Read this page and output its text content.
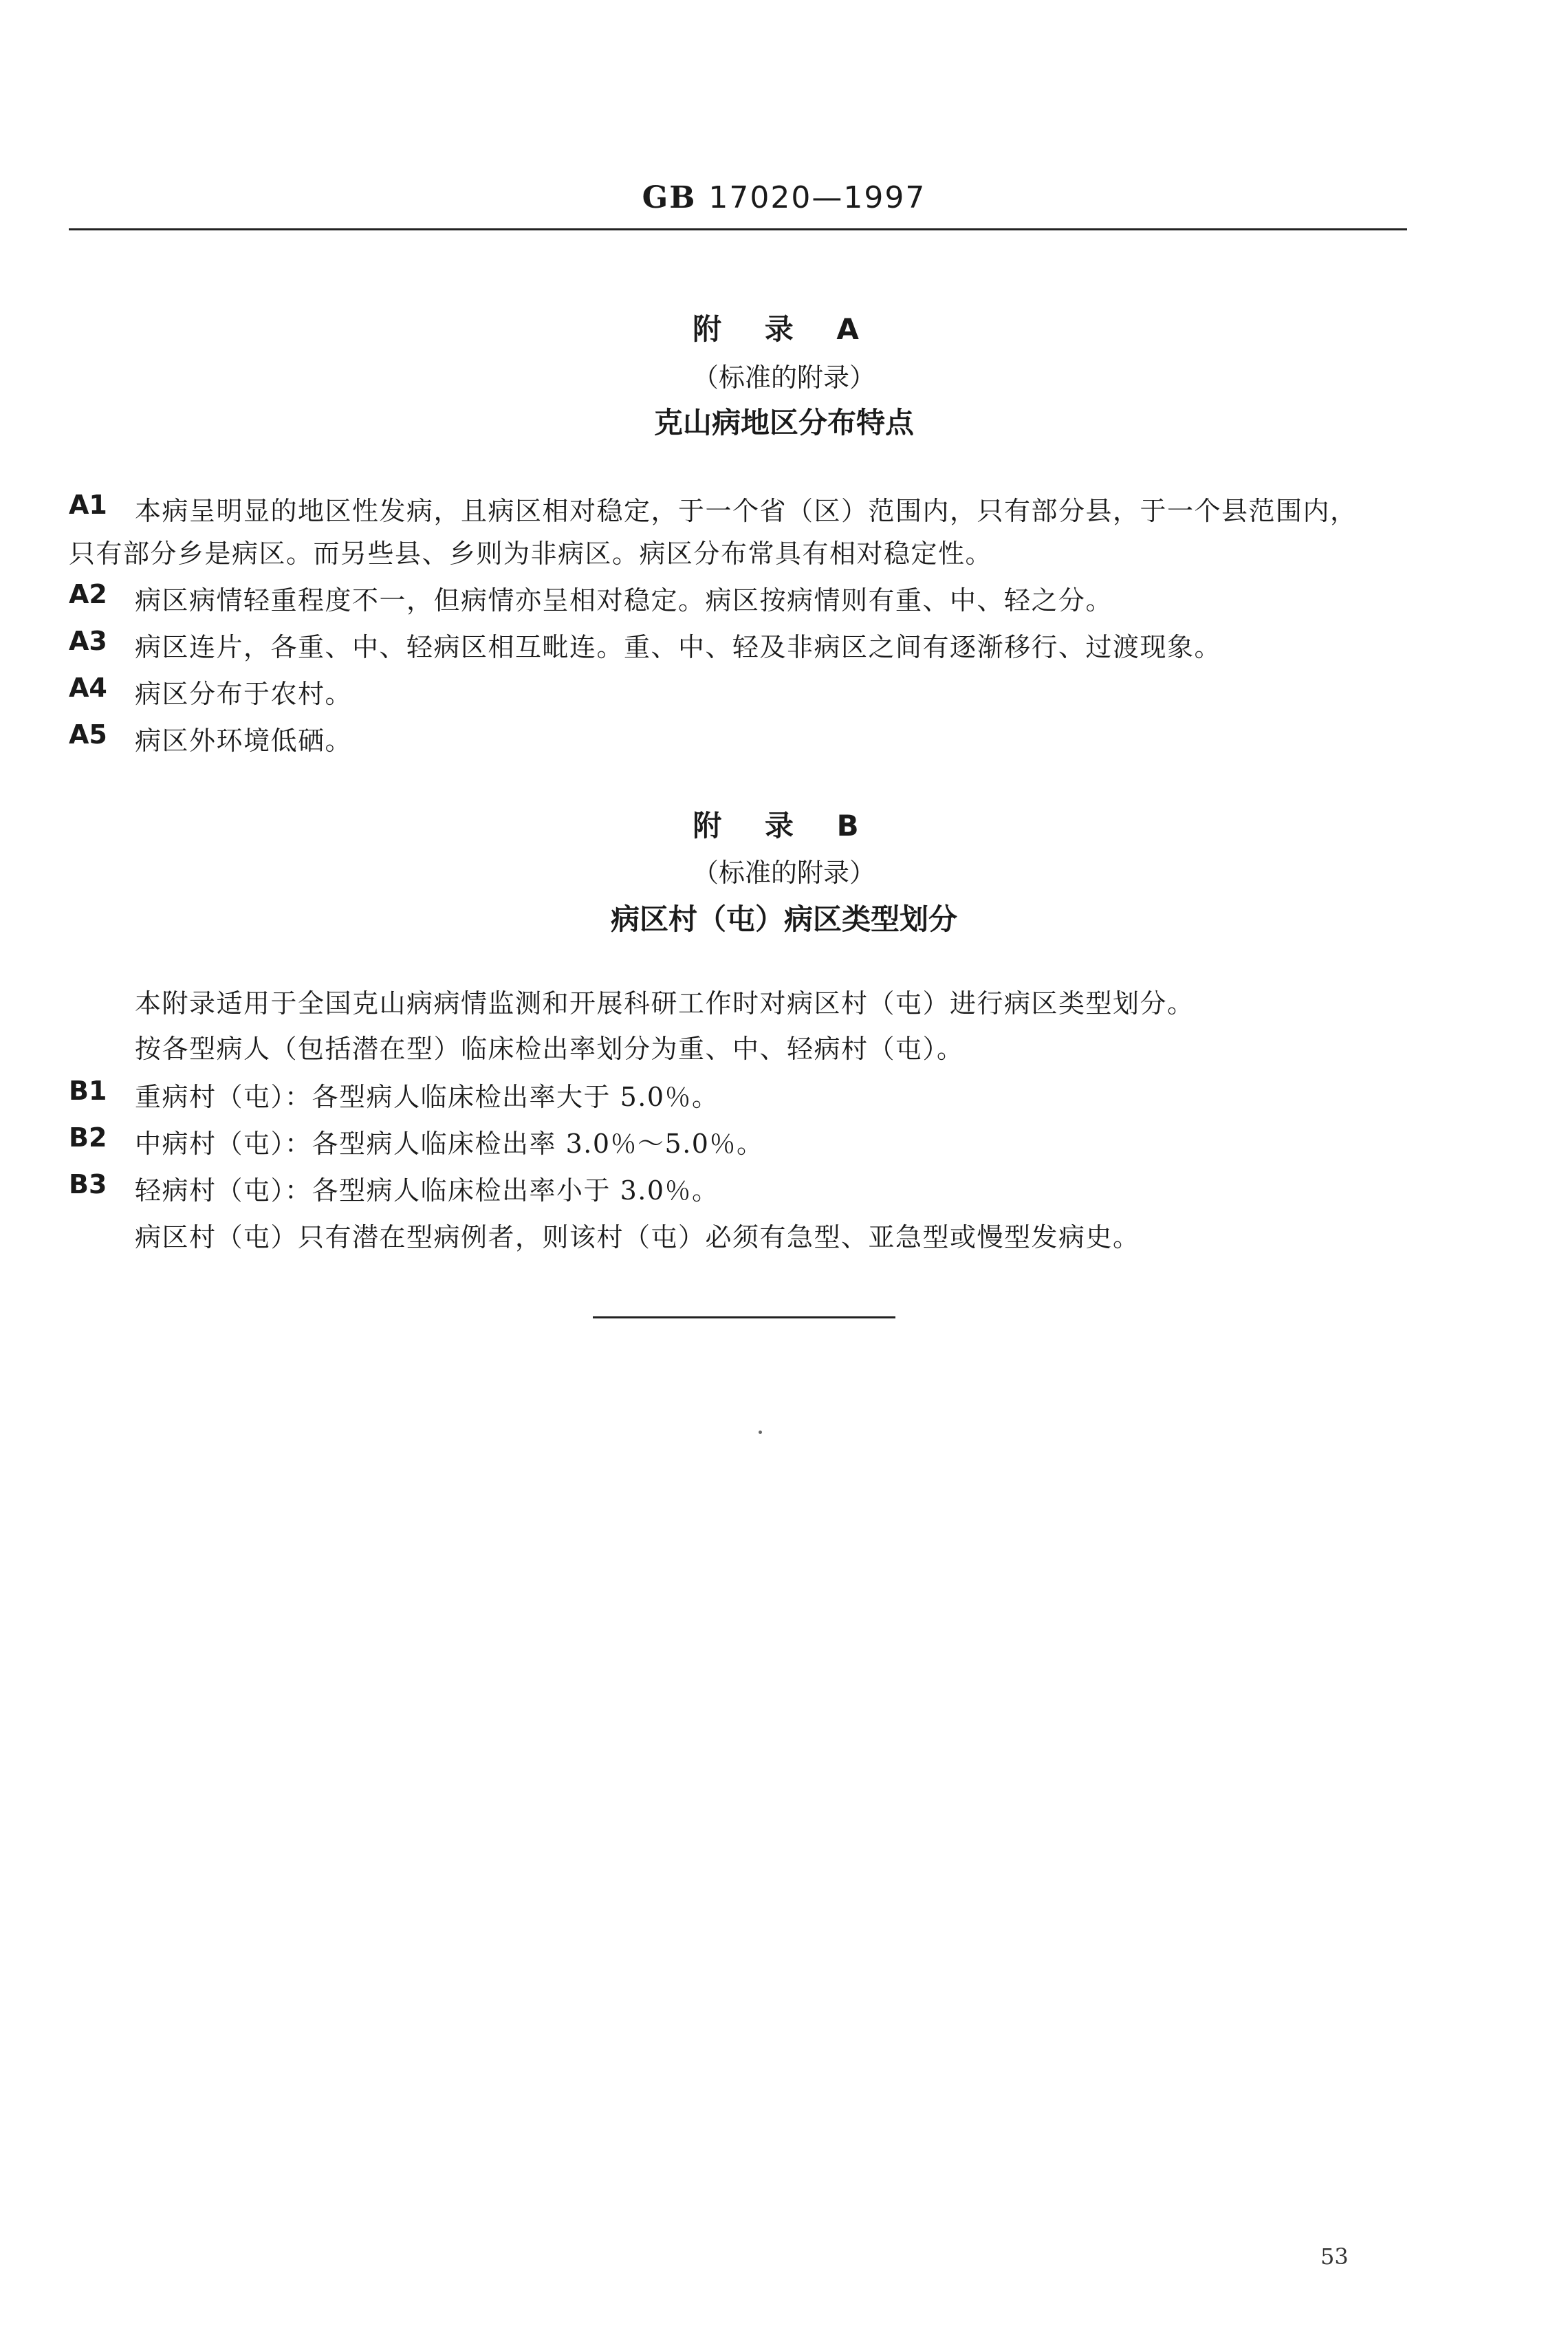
GB 17020—1997
附 录 A
（标准的附录）
克山病地区分布特点
A1 本病呈明显的地区性发病，且病区相对稳定，于一个省（区）范围内，只有部分县，于一个县范围内，
只有部分乡是病区。而另些县、乡则为非病区。病区分布常具有相对稳定性。
A2 病区病情轻重程度不一，但病情亦呈相对稳定。病区按病情则有重、中、轻之分。
A3 病区连片，各重、中、轻病区相互毗连。重、中、轻及非病区之间有逐渐移行、过渡现象。
A4 病区分布于农村。
A5 病区外环境低硒。
附 录 B
（标准的附录）
病区村（屯）病区类型划分
本附录适用于全国克山病病情监测和开展科研工作时对病区村（屯）进行病区类型划分。
按各型病人（包括潜在型）临床检出率划分为重、中、轻病村（屯）。
B1 重病村（屯）：各型病人临床检出率大于 5.0％。
B2 中病村（屯）：各型病人临床检出率 3.0％～5.0％。
B3 轻病村（屯）：各型病人临床检出率小于 3.0％。
病区村（屯）只有潜在型病例者，则该村（屯）必须有急型、亚急型或慢型发病史。
53
